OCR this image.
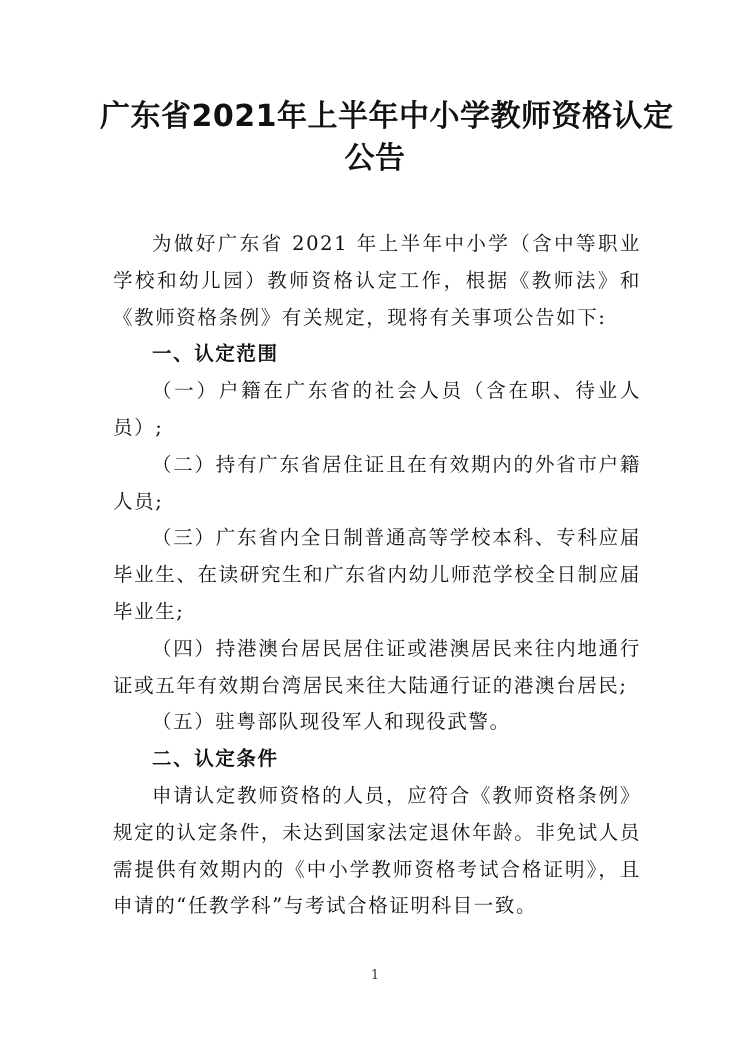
广东省2021年上半年中小学教师资格认定
公告

为做好广东省 2021 年上半年中小学（含中等职业学校和幼儿园）教师资格认定工作，根据《教师法》和《教师资格条例》有关规定，现将有关事项公告如下:

一、认定范围

（一）户籍在广东省的社会人员（含在职、待业人员）;

（二）持有广东省居住证且在有效期内的外省市户籍人员;

（三）广东省内全日制普通高等学校本科、专科应届毕业生、在读研究生和广东省内幼儿师范学校全日制应届毕业生;

（四）持港澳台居民居住证或港澳居民来往内地通行证或五年有效期台湾居民来往大陆通行证的港澳台居民;

（五）驻粤部队现役军人和现役武警。

二、认定条件

申请认定教师资格的人员，应符合《教师资格条例》规定的认定条件，未达到国家法定退休年龄。非免试人员需提供有效期内的《中小学教师资格考试合格证明》，且申请的“任教学科”与考试合格证明科目一致。

1
